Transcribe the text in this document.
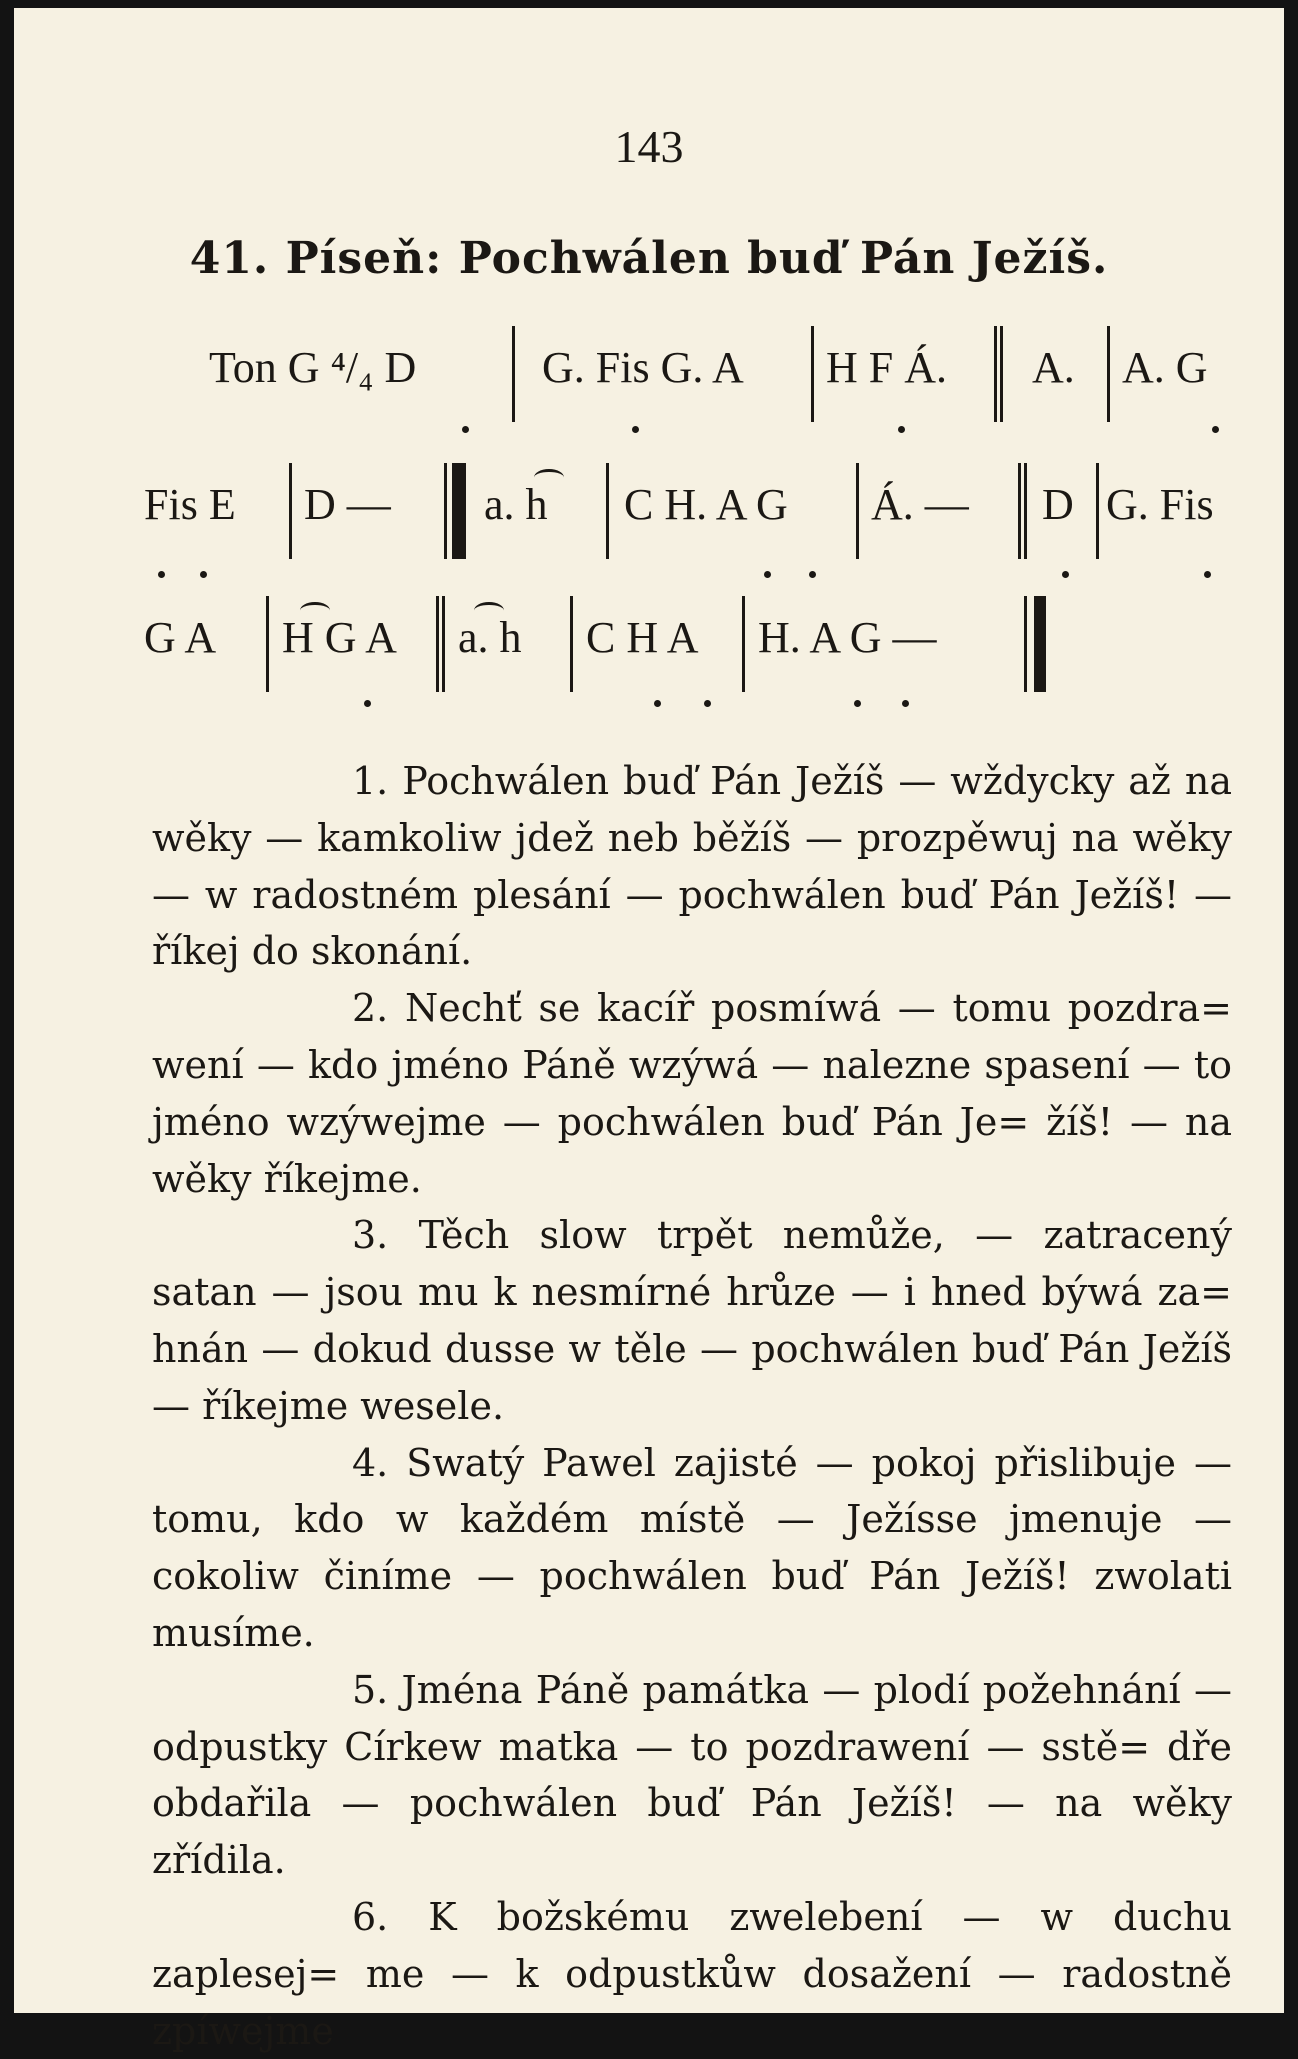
143
41. Píseň: Pochwálen buď Pán Ježíš.
Ton G ⁴/₄ D	G. Fis G. A H F Á. A. A. G
Fis E D — a. h C H. A G Á. — D G. Fis
G A H G A a. h C H A H. A G —

1. Pochwálen buď Pán Ježíš — wždycky až na wěky — kamkoliw jdež neb běžíš — prozpěwuj na wěky — w radostném plesání — pochwálen buď Pán Ježíš! — říkej do skonání.

2. Nechť se kacíř posmíwá — tomu pozdra= wení — kdo jméno Páně wzýwá — nalezne spasení — to jméno wzýwejme — pochwálen buď Pán Je= žíš! — na wěky říkejme.

3. Těch slow trpět nemůže, — zatracený satan — jsou mu k nesmírné hrůze — i hned býwá za= hnán — dokud dusse w těle — pochwálen buď Pán Ježíš — říkejme wesele.

4. Swatý Pawel zajisté — pokoj přislibuje — tomu, kdo w každém místě — Ježísse jmenuje — cokoliw činíme — pochwálen buď Pán Ježíš! zwolati musíme.

5. Jména Páně památka — plodí požehnání — odpustky Církew matka — to pozdrawení — sstě= dře obdařila — pochwálen buď Pán Ježíš! — na wěky zřídila.

6. K božskému zwelebení — w duchu zaplesej= me — k odpustkůw dosažení — radostně zpíwejme
